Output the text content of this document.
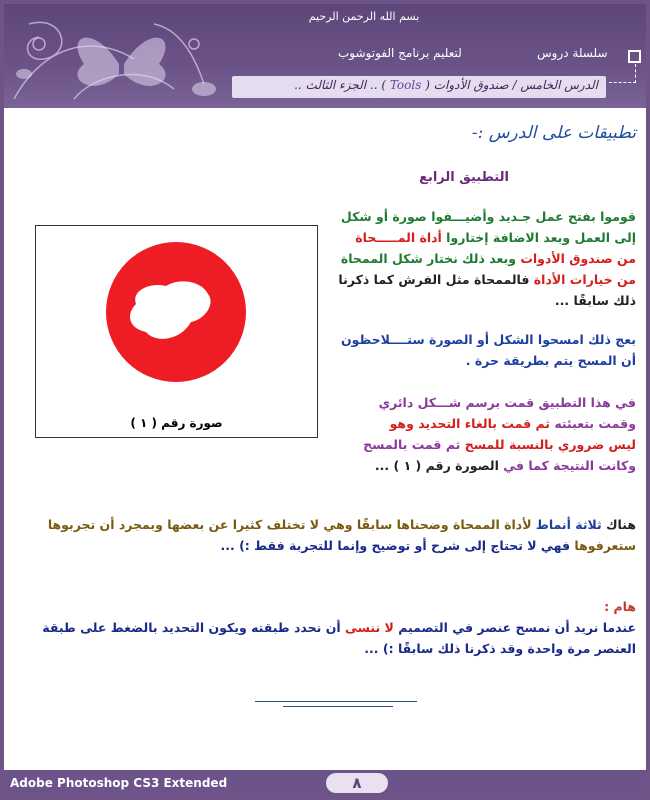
بسم الله الرحمن الرحيم
سلسلة دروس
لتعليم برنامج الفوتوشوب
الدرس الخامس / صندوق الأدوات ( Tools ) .. الجزء الثالث ..
تطبيقات على الدرس :-
التطبيق الرابع
صورة رقم ( ١ )
قوموا بفتح عمل جـديد وأضيـــفوا صورة أو شكل
إلى العمل وبعد الاضافة إختاروا أداة المـــــحاة
من صندوق الأدوات وبعد ذلك نختار شكل الممحاة
من خيارات الأداة فالممحاة مثل الفرش كما ذكرنا
ذلك سابقًا ...
بعج ذلك امسحوا الشكل أو الصورة ستــــلاحظون
أن المسح يتم بطريقة حرة .
في هذا التطبيق قمت برسم شـــكل دائري
وقمت بتعبئته ثم قمت بالغاء التحديد وهو
ليس ضروري بالنسبة للمسح ثم قمت بالمسح
وكانت النتيجة كما في الصورة رقم ( ١ ) ...
هناك ثلاثة أنماط لأداة الممحاة وضحناها سابقًا وهي لا تختلف كثيرا عن بعضها وبمجرد أن تجربوها
ستعرفوها فهي لا تحتاج إلى شرح أو توضيح وإنما للتجربة فقط :) ...
هام :
عندما نريد أن نمسح عنصر في التصميم لا ننسى أن نحدد طبقته ويكون التحديد بالضغط على طبقة
العنصر مرة واحدة وقد ذكرنا ذلك سابقًا :) ...
Adobe Photoshop CS3 Extended	٨
